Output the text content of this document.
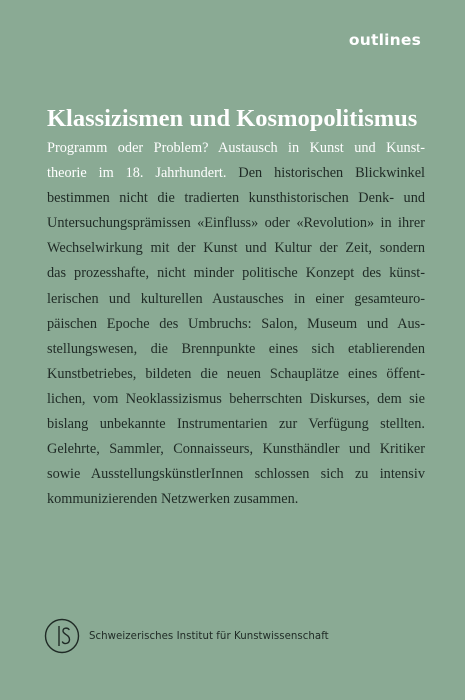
outlines

Klassizismen und Kosmopolitismus
Programm oder Problem? Austausch in Kunst und Kunst-
theorie im 18. Jahrhundert. Den historischen Blickwinkel
bestimmen nicht die tradierten kunsthistorischen Denk- und
Untersuchungsprämissen «Einfluss» oder «Revolution» in ihrer
Wechselwirkung mit der Kunst und Kultur der Zeit, sondern
das prozesshafte, nicht minder politische Konzept des künst-
lerischen und kulturellen Austausches in einer gesamteuro-
päischen Epoche des Umbruchs: Salon, Museum und Aus-
stellungswesen, die Brennpunkte eines sich etablierenden
Kunstbetriebes, bildeten die neuen Schauplätze eines öffent-
lichen, vom Neoklassizismus beherrschten Diskurses, dem sie
bislang unbekannte Instrumentarien zur Verfügung stellten.
Gelehrte, Sammler, Connaisseurs, Kunsthändler und Kritiker
sowie AusstellungskünstlerInnen schlossen sich zu intensiv
kommunizierenden Netzwerken zusammen.

Schweizerisches Institut für Kunstwissenschaft
